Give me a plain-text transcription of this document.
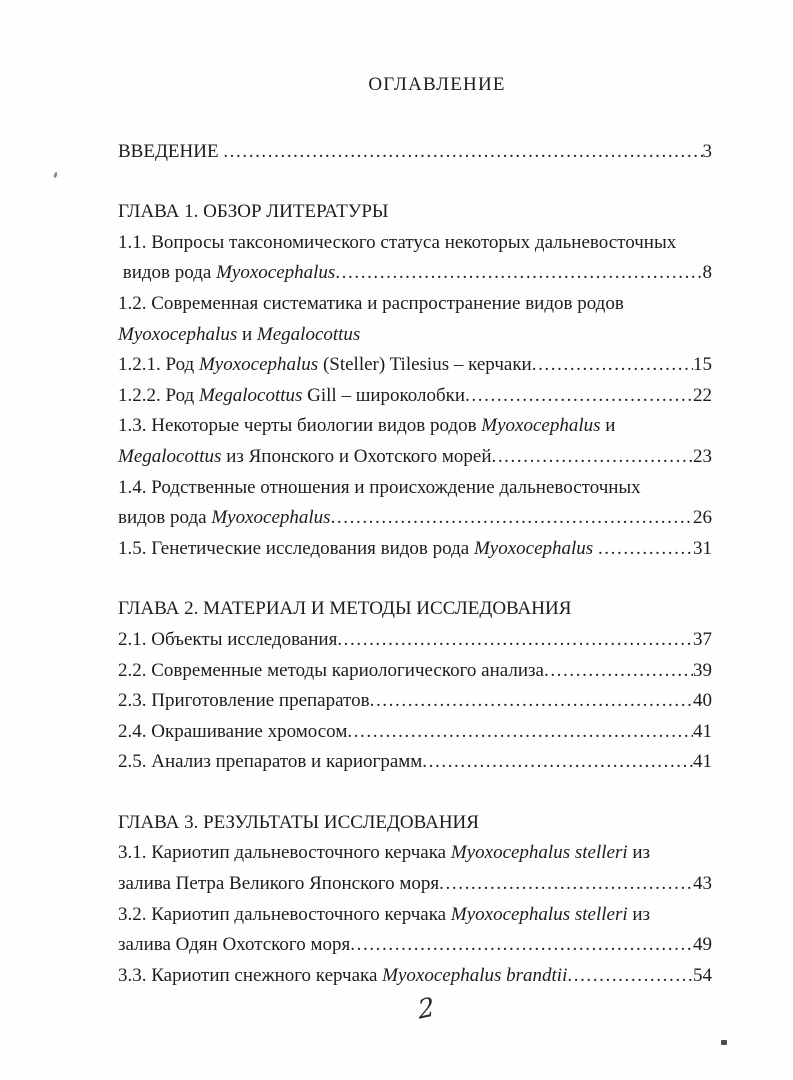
ОГЛАВЛЕНИЕ
ВВЕДЕНИЕ .....	3
ГЛАВА 1. ОБЗОР ЛИТЕРАТУРЫ
1.1. Вопросы таксономического статуса некоторых дальневосточных
видов рода Myoxocephalus .....	8
1.2. Современная систематика и распространение видов родов
Myoxocephalus и Megalocottus
1.2.1. Род Myoxocephalus (Steller) Tilesius – керчаки .....	15
1.2.2. Род Megalocottus Gill – широколобки .....	22
1.3. Некоторые черты биологии видов родов Myoxocephalus и
Megalocottus из Японского и Охотского морей .....	23
1.4. Родственные отношения и происхождение дальневосточных
видов рода Myoxocephalus .....	26
1.5. Генетические исследования видов рода Myoxocephalus .....	31
ГЛАВА 2. МАТЕРИАЛ И МЕТОДЫ ИССЛЕДОВАНИЯ
2.1. Объекты исследования .....	37
2.2. Современные методы кариологического анализа .....	39
2.3. Приготовление препаратов .....	40
2.4. Окрашивание хромосом .....	41
2.5. Анализ препаратов и кариограмм .....	41
ГЛАВА 3. РЕЗУЛЬТАТЫ ИССЛЕДОВАНИЯ
3.1. Кариотип дальневосточного керчака Myoxocephalus stelleri из
залива Петра Великого Японского моря .....	43
3.2. Кариотип дальневосточного керчака Myoxocephalus stelleri из
залива Одян Охотского моря .....	49
3.3. Кариотип снежного керчака Myoxocephalus brandtii .....	54
2
